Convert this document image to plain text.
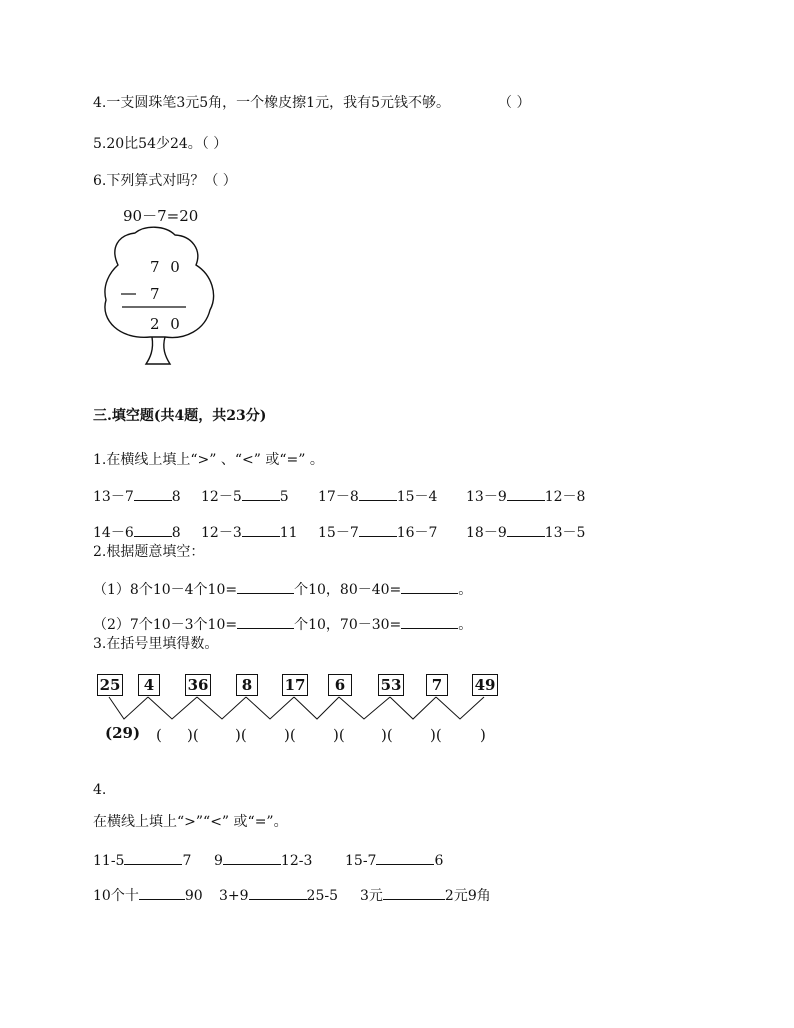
4.一支圆珠笔3元5角，一个橡皮擦1元，我有5元钱不够。	（ ）
5.20比54少24。（ ）
6.下列算式对吗？（ ）
90－7=20
7 0
7
2 0
三.填空题(共4题，共23分)
1.在横线上填上“>” 、“<” 或“=” 。
13－7	8 12－5	5 17－8	15－4 13－9	12－8
14－6	8 12－3	11 15－7	16－7 18－9	13－5
2.根据题意填空：
（1）8个10－4个10=	个10，80－40=	。
（2）7个10－3个10=	个10，70－30=	。
3.在括号里填得数。
25	4	36	8	17	6	53	7	49
(29) ( )( )( )( )( )( )(	)
4.
在横线上填上“>”“<” 或“=”。
11-5	7 9	12-3 15-7	6
10个十	90 3+9	25-5 3元	2元9角
